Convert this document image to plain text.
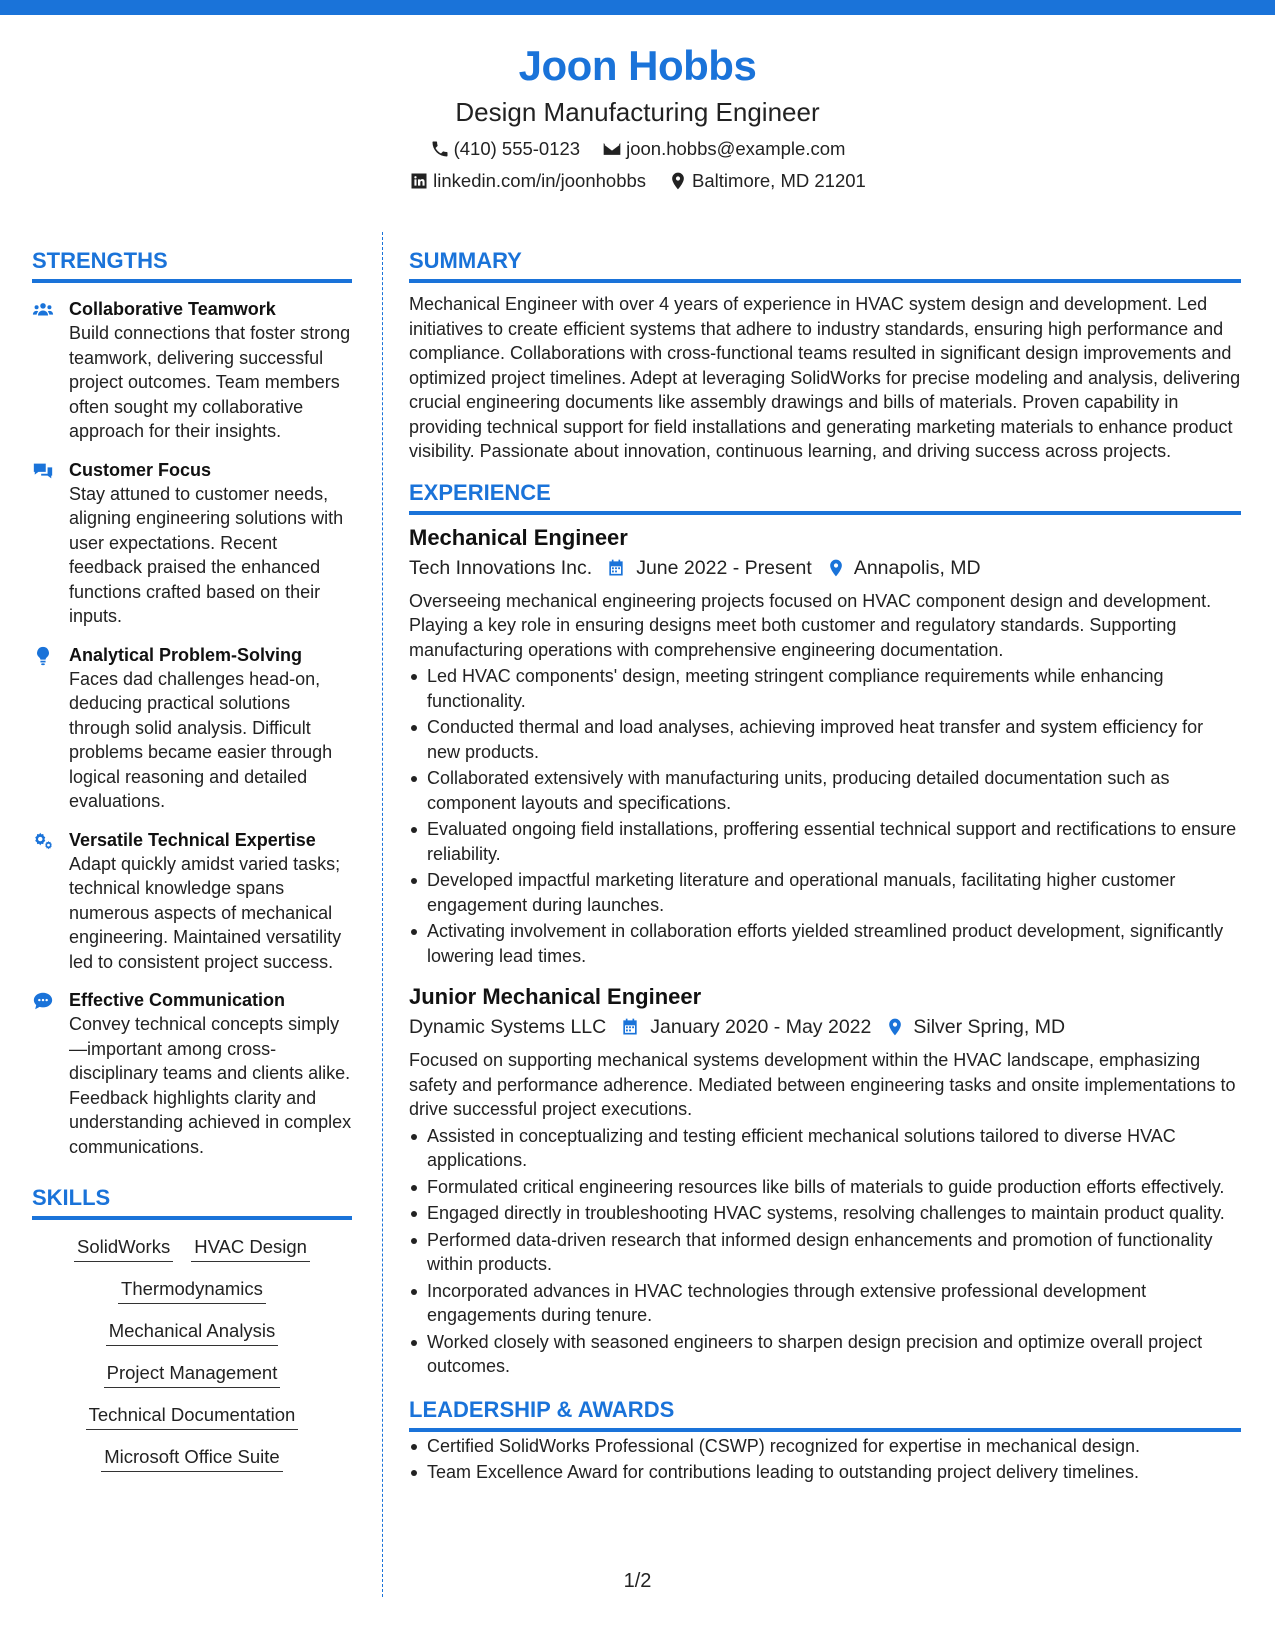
Joon Hobbs
Design Manufacturing Engineer
(410) 555-0123 joon.hobbs@example.com
linkedin.com/in/joonhobbs Baltimore, MD 21201
STRENGTHS
Collaborative Teamwork
Build connections that foster strong teamwork, delivering successful project outcomes. Team members often sought my collaborative approach for their insights.
Customer Focus
Stay attuned to customer needs, aligning engineering solutions with user expectations. Recent feedback praised the enhanced functions crafted based on their inputs.
Analytical Problem-Solving
Faces dad challenges head-on, deducing practical solutions through solid analysis. Difficult problems became easier through logical reasoning and detailed evaluations.
Versatile Technical Expertise
Adapt quickly amidst varied tasks; technical knowledge spans numerous aspects of mechanical engineering. Maintained versatility led to consistent project success.
Effective Communication
Convey technical concepts simply—important among cross-disciplinary teams and clients alike. Feedback highlights clarity and understanding achieved in complex communications.
SKILLS
SolidWorks HVAC Design
Thermodynamics
Mechanical Analysis
Project Management
Technical Documentation
Microsoft Office Suite
SUMMARY
Mechanical Engineer with over 4 years of experience in HVAC system design and development. Led initiatives to create efficient systems that adhere to industry standards, ensuring high performance and compliance. Collaborations with cross-functional teams resulted in significant design improvements and optimized project timelines. Adept at leveraging SolidWorks for precise modeling and analysis, delivering crucial engineering documents like assembly drawings and bills of materials. Proven capability in providing technical support for field installations and generating marketing materials to enhance product visibility. Passionate about innovation, continuous learning, and driving success across projects.
EXPERIENCE
Mechanical Engineer
Tech Innovations Inc. June 2022 - Present Annapolis, MD
Overseeing mechanical engineering projects focused on HVAC component design and development. Playing a key role in ensuring designs meet both customer and regulatory standards. Supporting manufacturing operations with comprehensive engineering documentation.
Led HVAC components' design, meeting stringent compliance requirements while enhancing functionality.
Conducted thermal and load analyses, achieving improved heat transfer and system efficiency for new products.
Collaborated extensively with manufacturing units, producing detailed documentation such as component layouts and specifications.
Evaluated ongoing field installations, proffering essential technical support and rectifications to ensure reliability.
Developed impactful marketing literature and operational manuals, facilitating higher customer engagement during launches.
Activating involvement in collaboration efforts yielded streamlined product development, significantly lowering lead times.
Junior Mechanical Engineer
Dynamic Systems LLC January 2020 - May 2022 Silver Spring, MD
Focused on supporting mechanical systems development within the HVAC landscape, emphasizing safety and performance adherence. Mediated between engineering tasks and onsite implementations to drive successful project executions.
Assisted in conceptualizing and testing efficient mechanical solutions tailored to diverse HVAC applications.
Formulated critical engineering resources like bills of materials to guide production efforts effectively.
Engaged directly in troubleshooting HVAC systems, resolving challenges to maintain product quality.
Performed data-driven research that informed design enhancements and promotion of functionality within products.
Incorporated advances in HVAC technologies through extensive professional development engagements during tenure.
Worked closely with seasoned engineers to sharpen design precision and optimize overall project outcomes.
LEADERSHIP & AWARDS
Certified SolidWorks Professional (CSWP) recognized for expertise in mechanical design.
Team Excellence Award for contributions leading to outstanding project delivery timelines.
1/2
